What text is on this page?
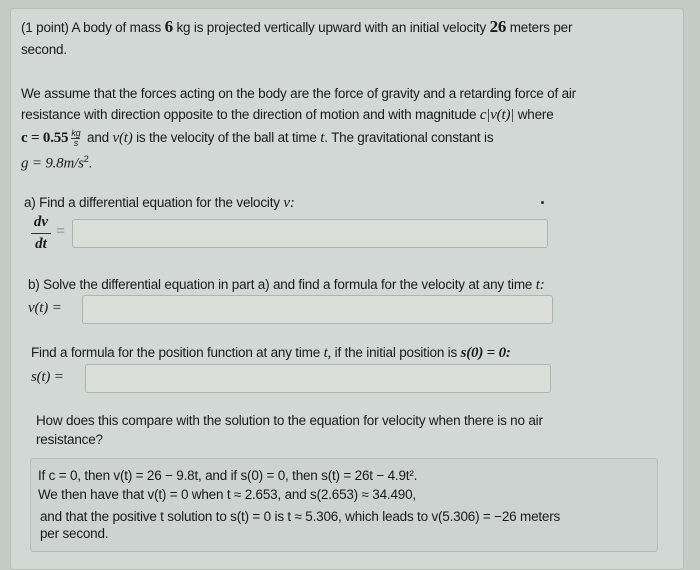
(1 point) A body of mass 6 kg is projected vertically upward with an initial velocity 26 meters per
second.
We assume that the forces acting on the body are the force of gravity and a retarding force of air
resistance with direction opposite to the direction of motion and with magnitude c|v(t)| where
$c = 0.55 \frac{kg}{s}$ and v(t) is the velocity of the ball at time t. The gravitational constant is
$g = 9.8m/s^2$.
a) Find a differential equation for the velocity v:
dv
dt
=
b) Solve the differential equation in part a) and find a formula for the velocity at any time t:
v(t) =
Find a formula for the position function at any time t, if the initial position is s(0) = 0:
s(t) =
How does this compare with the solution to the equation for velocity when there is no air
resistance?
If c = 0, then v(t) = 26 − 9.8t, and if s(0) = 0, then s(t) = 26t − 4.9t².
We then have that v(t) = 0 when t ≈ 2.653, and s(2.653) ≈ 34.490,
and that the positive t solution to s(t) = 0 is t ≈ 5.306, which leads to v(5.306) = −26 meters
per second.
